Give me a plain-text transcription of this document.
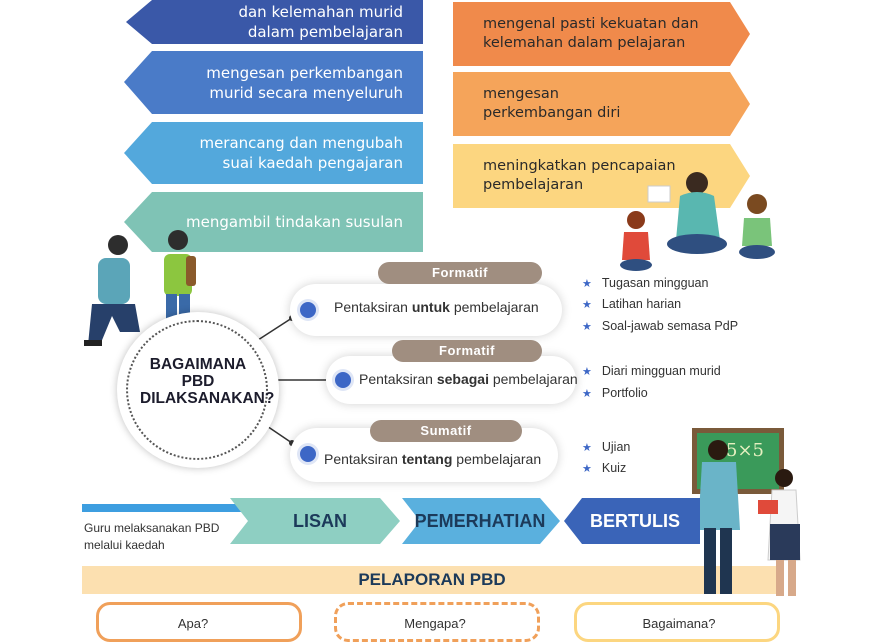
5×5
dan kelemahan murid dalam pembelajaran
mengesan perkembangan murid secara menyeluruh
merancang dan mengubah suai kaedah pengajaran
mengambil tindakan susulan
mengenal pasti kekuatan dan kelemahan dalam pelajaran
mengesan perkembangan diri
meningkatkan pencapaian pembelajaran
BAGAIMANA PBD DILAKSANAKAN?
Formatif
Pentaksiran untuk pembelajaran
Formatif
Pentaksiran sebagai pembelajaran
Sumatif
Pentaksiran tentang pembelajaran
★ Tugasan mingguan
★ Latihan harian
★ Soal-jawab semasa PdP
★ Diari mingguan murid
★ Portfolio
★ Ujian
★ Kuiz
Guru melaksanakan PBD melalui kaedah
LISAN	PEMERHATIAN	BERTULIS
PELAPORAN PBD
Apa?	Mengapa?	Bagaimana?
